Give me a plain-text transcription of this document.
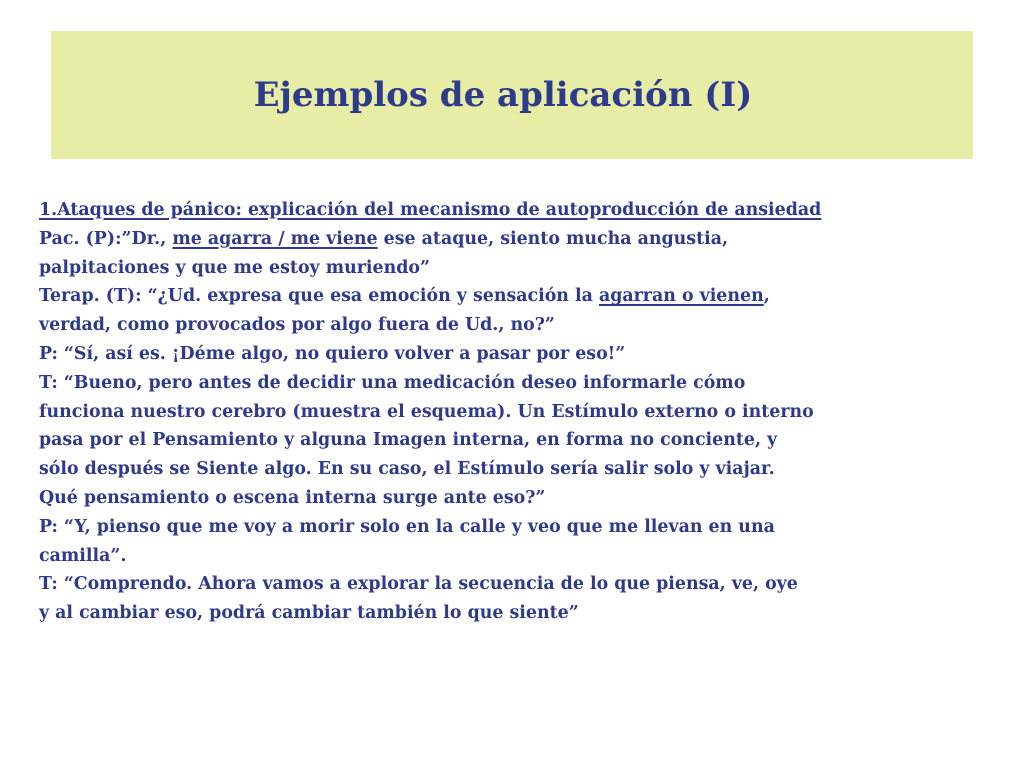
Ejemplos de aplicación (I)
1.Ataques de pánico: explicación del mecanismo de autoproducción de ansiedad
Pac. (P):”Dr., me agarra / me viene ese ataque, siento mucha angustia,
palpitaciones y que me estoy muriendo”
Terap. (T): “¿Ud. expresa que esa emoción y sensación la agarran o vienen,
verdad, como provocados por algo fuera de Ud., no?”
P: “Sí, así es. ¡Déme algo, no quiero volver a pasar por eso!”
T: “Bueno, pero antes de decidir una medicación deseo informarle cómo
funciona nuestro cerebro (muestra el esquema). Un Estímulo externo o interno
pasa por el Pensamiento y alguna Imagen interna, en forma no conciente, y
sólo después se Siente algo. En su caso, el Estímulo sería salir solo y viajar.
Qué pensamiento o escena interna surge ante eso?”
P: “Y, pienso que me voy a morir solo en la calle y veo que me llevan en una
camilla”.
T: “Comprendo. Ahora vamos a explorar la secuencia de lo que piensa, ve, oye
y al cambiar eso, podrá cambiar también lo que siente”
